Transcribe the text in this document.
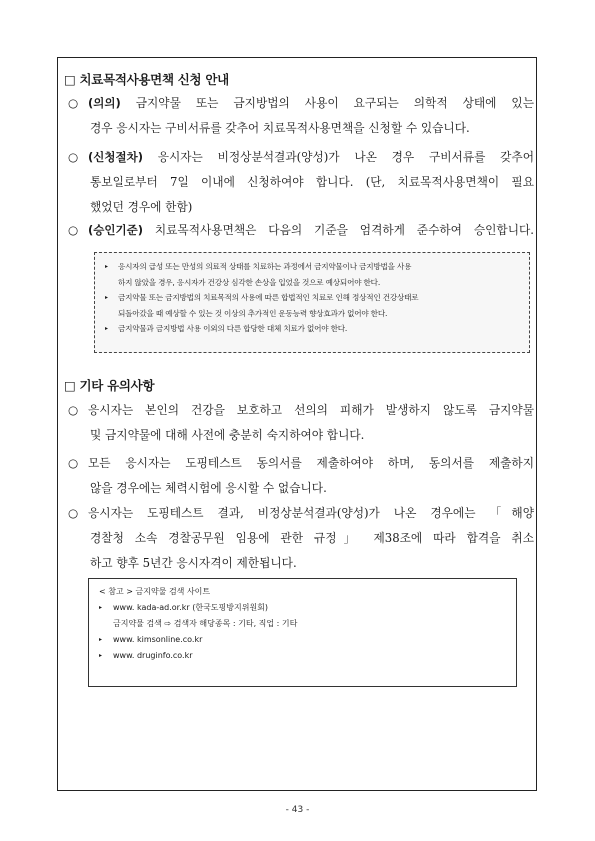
□ 치료목적사용면책 신청 안내
○ (의의) 금지약물 또는 금지방법의 사용이 요구되는 의학적 상태에 있는
경우 응시자는 구비서류를 갖추어 치료목적사용면책을 신청할 수 있습니다.
○ (신청절차) 응시자는 비정상분석결과(양성)가 나온 경우 구비서류를 갖추어
통보일로부터 7일 이내에 신청하여야 합니다. (단, 치료목적사용면책이 필요
했었던 경우에 한함)
○ (승인기준) 치료목적사용면책은 다음의 기준을 엄격하게 준수하여 승인합니다.
▸ 응시자의 급성 또는 만성의 의료적 상태를 치료하는 과정에서 금지약물이나 금지방법을 사용
하지 않았을 경우, 응시자가 건강상 심각한 손상을 입었을 것으로 예상되어야 한다.
▸ 금지약물 또는 금지방법의 치료목적의 사용에 따른 합법적인 치료로 인해 정상적인 건강상태로
되돌아갔을 때 예상할 수 있는 것 이상의 추가적인 운동능력 향상효과가 없어야 한다.
▸ 금지약물과 금지방법 사용 이외의 다른 합당한 대체 치료가 없어야 한다.
□ 기타 유의사항
○ 응시자는 본인의 건강을 보호하고 선의의 피해가 발생하지 않도록 금지약물
및 금지약물에 대해 사전에 충분히 숙지하여야 합니다.
○ 모든 응시자는 도핑테스트 동의서를 제출하여야 하며, 동의서를 제출하지
않을 경우에는 체력시험에 응시할 수 없습니다.
○ 응시자는 도핑테스트 결과, 비정상분석결과(양성)가 나온 경우에는 「해양
경찰청 소속 경찰공무원 임용에 관한 규정」 제38조에 따라 합격을 취소
하고 향후 5년간 응시자격이 제한됩니다.
< 참고 > 금지약물 검색 사이트
▸ www. kada-ad.or.kr (한국도핑방지위원회)
금지약물 검색 ⇨ 검색자 해당종목 : 기타, 직업 : 기타
▸ www. kimsonline.co.kr
▸ www. druginfo.co.kr
- 43 -
